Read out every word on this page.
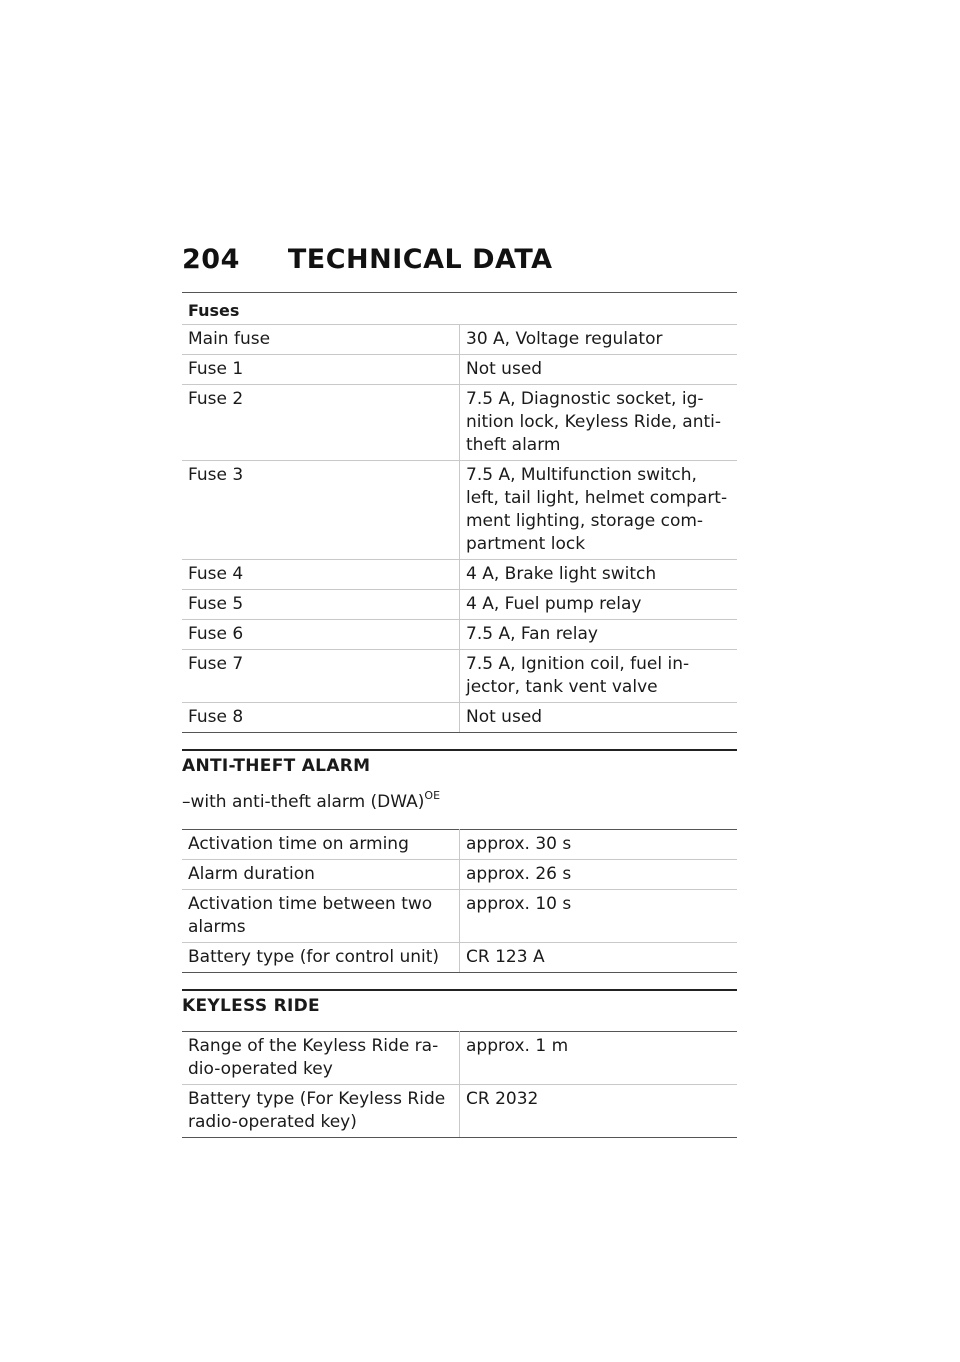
204 TECHNICAL DATA
Fuses	
Main fuse	30 A, Voltage regulator
Fuse 1	Not used
Fuse 2	7.5 A, Diagnostic socket, ig-
nition lock, Keyless Ride, anti-
theft alarm
Fuse 3	7.5 A, Multifunction switch,
left, tail light, helmet compart-
ment lighting, storage com-
partment lock
Fuse 4	4 A, Brake light switch
Fuse 5	4 A, Fuel pump relay
Fuse 6	7.5 A, Fan relay
Fuse 7	7.5 A, Ignition coil, fuel in-
jector, tank vent valve
Fuse 8	Not used
ANTI-THEFT ALARM
–with anti-theft alarm (DWA)$^{OE}$
Activation time on arming	approx. 30 s
Alarm duration	approx. 26 s
Activation time between two
alarms	approx. 10 s
Battery type (for control unit)	CR 123 A
KEYLESS RIDE
Range of the Keyless Ride ra-
dio-operated key	approx. 1 m
Battery type (For Keyless Ride
radio-operated key)	CR 2032
